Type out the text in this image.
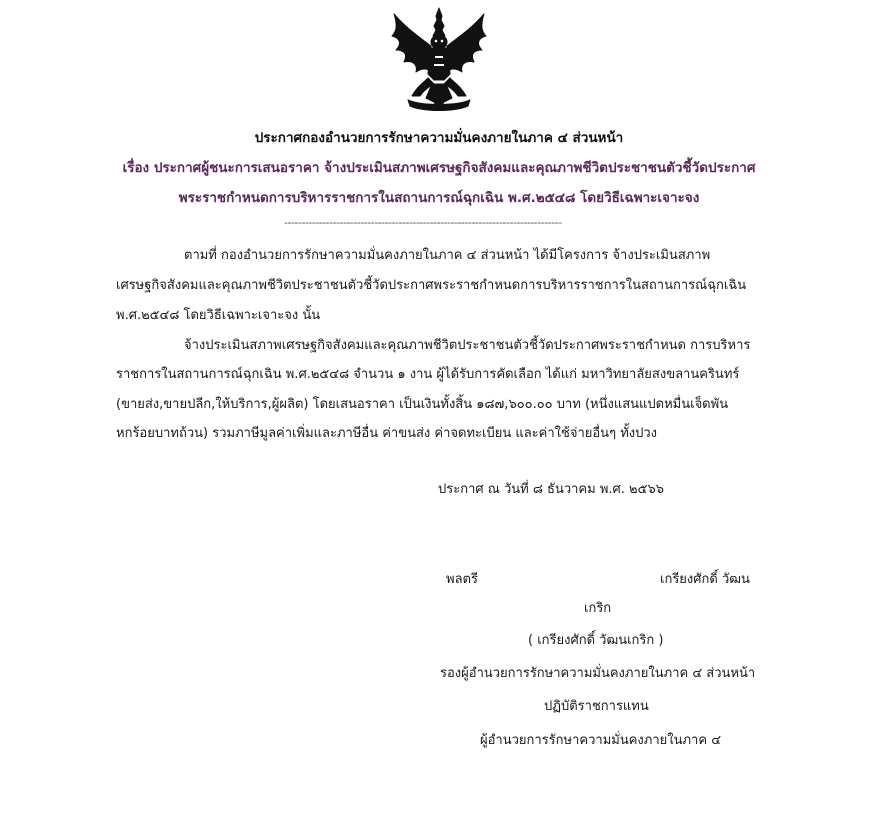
ประกาศกองอำนวยการรักษาความมั่นคงภายในภาค ๔ ส่วนหน้า
เรื่อง ประกาศผู้ชนะการเสนอราคา จ้างประเมินสภาพเศรษฐกิจสังคมและคุณภาพชีวิตประชาชนตัวชี้วัดประกาศ
พระราชกำหนดการบริหารราชการในสถานการณ์ฉุกเฉิน พ.ศ.๒๕๔๘ โดยวิธีเฉพาะเจาะจง
--------------------------------------------------------------------------------
ตามที่ กองอำนวยการรักษาความมั่นคงภายในภาค ๔ ส่วนหน้า ได้มีโครงการ จ้างประเมินสภาพ
เศรษฐกิจสังคมและคุณภาพชีวิตประชาชนตัวชี้วัดประกาศพระราชกำหนดการบริหารราชการในสถานการณ์ฉุกเฉิน
พ.ศ.๒๕๔๘ โดยวิธีเฉพาะเจาะจง นั้น
จ้างประเมินสภาพเศรษฐกิจสังคมและคุณภาพชีวิตประชาชนตัวชี้วัดประกาศพระราชกำหนด การบริหาร
ราชการในสถานการณ์ฉุกเฉิน พ.ศ.๒๕๔๘ จำนวน ๑ งาน ผู้ได้รับการคัดเลือก ได้แก่ มหาวิทยาลัยสงขลานครินทร์
(ขายส่ง,ขายปลีก,ให้บริการ,ผู้ผลิต) โดยเสนอราคา เป็นเงินทั้งสิ้น ๑๘๗,๖๐๐.๐๐ บาท (หนึ่งแสนแปดหมื่นเจ็ดพัน
หกร้อยบาทถ้วน) รวมภาษีมูลค่าเพิ่มและภาษีอื่น ค่าขนส่ง ค่าจดทะเบียน และค่าใช้จ่ายอื่นๆ ทั้งปวง
ประกาศ ณ วันที่ ๘ ธันวาคม พ.ศ. ๒๕๖๖
พลตรี	เกรียงศักดิ์ วัฒน
เกริก
( เกรียงศักดิ์ วัฒนเกริก )
รองผู้อำนวยการรักษาความมั่นคงภายในภาค ๔ ส่วนหน้า
ปฏิบัติราชการแทน
ผู้อำนวยการรักษาความมั่นคงภายในภาค ๔
